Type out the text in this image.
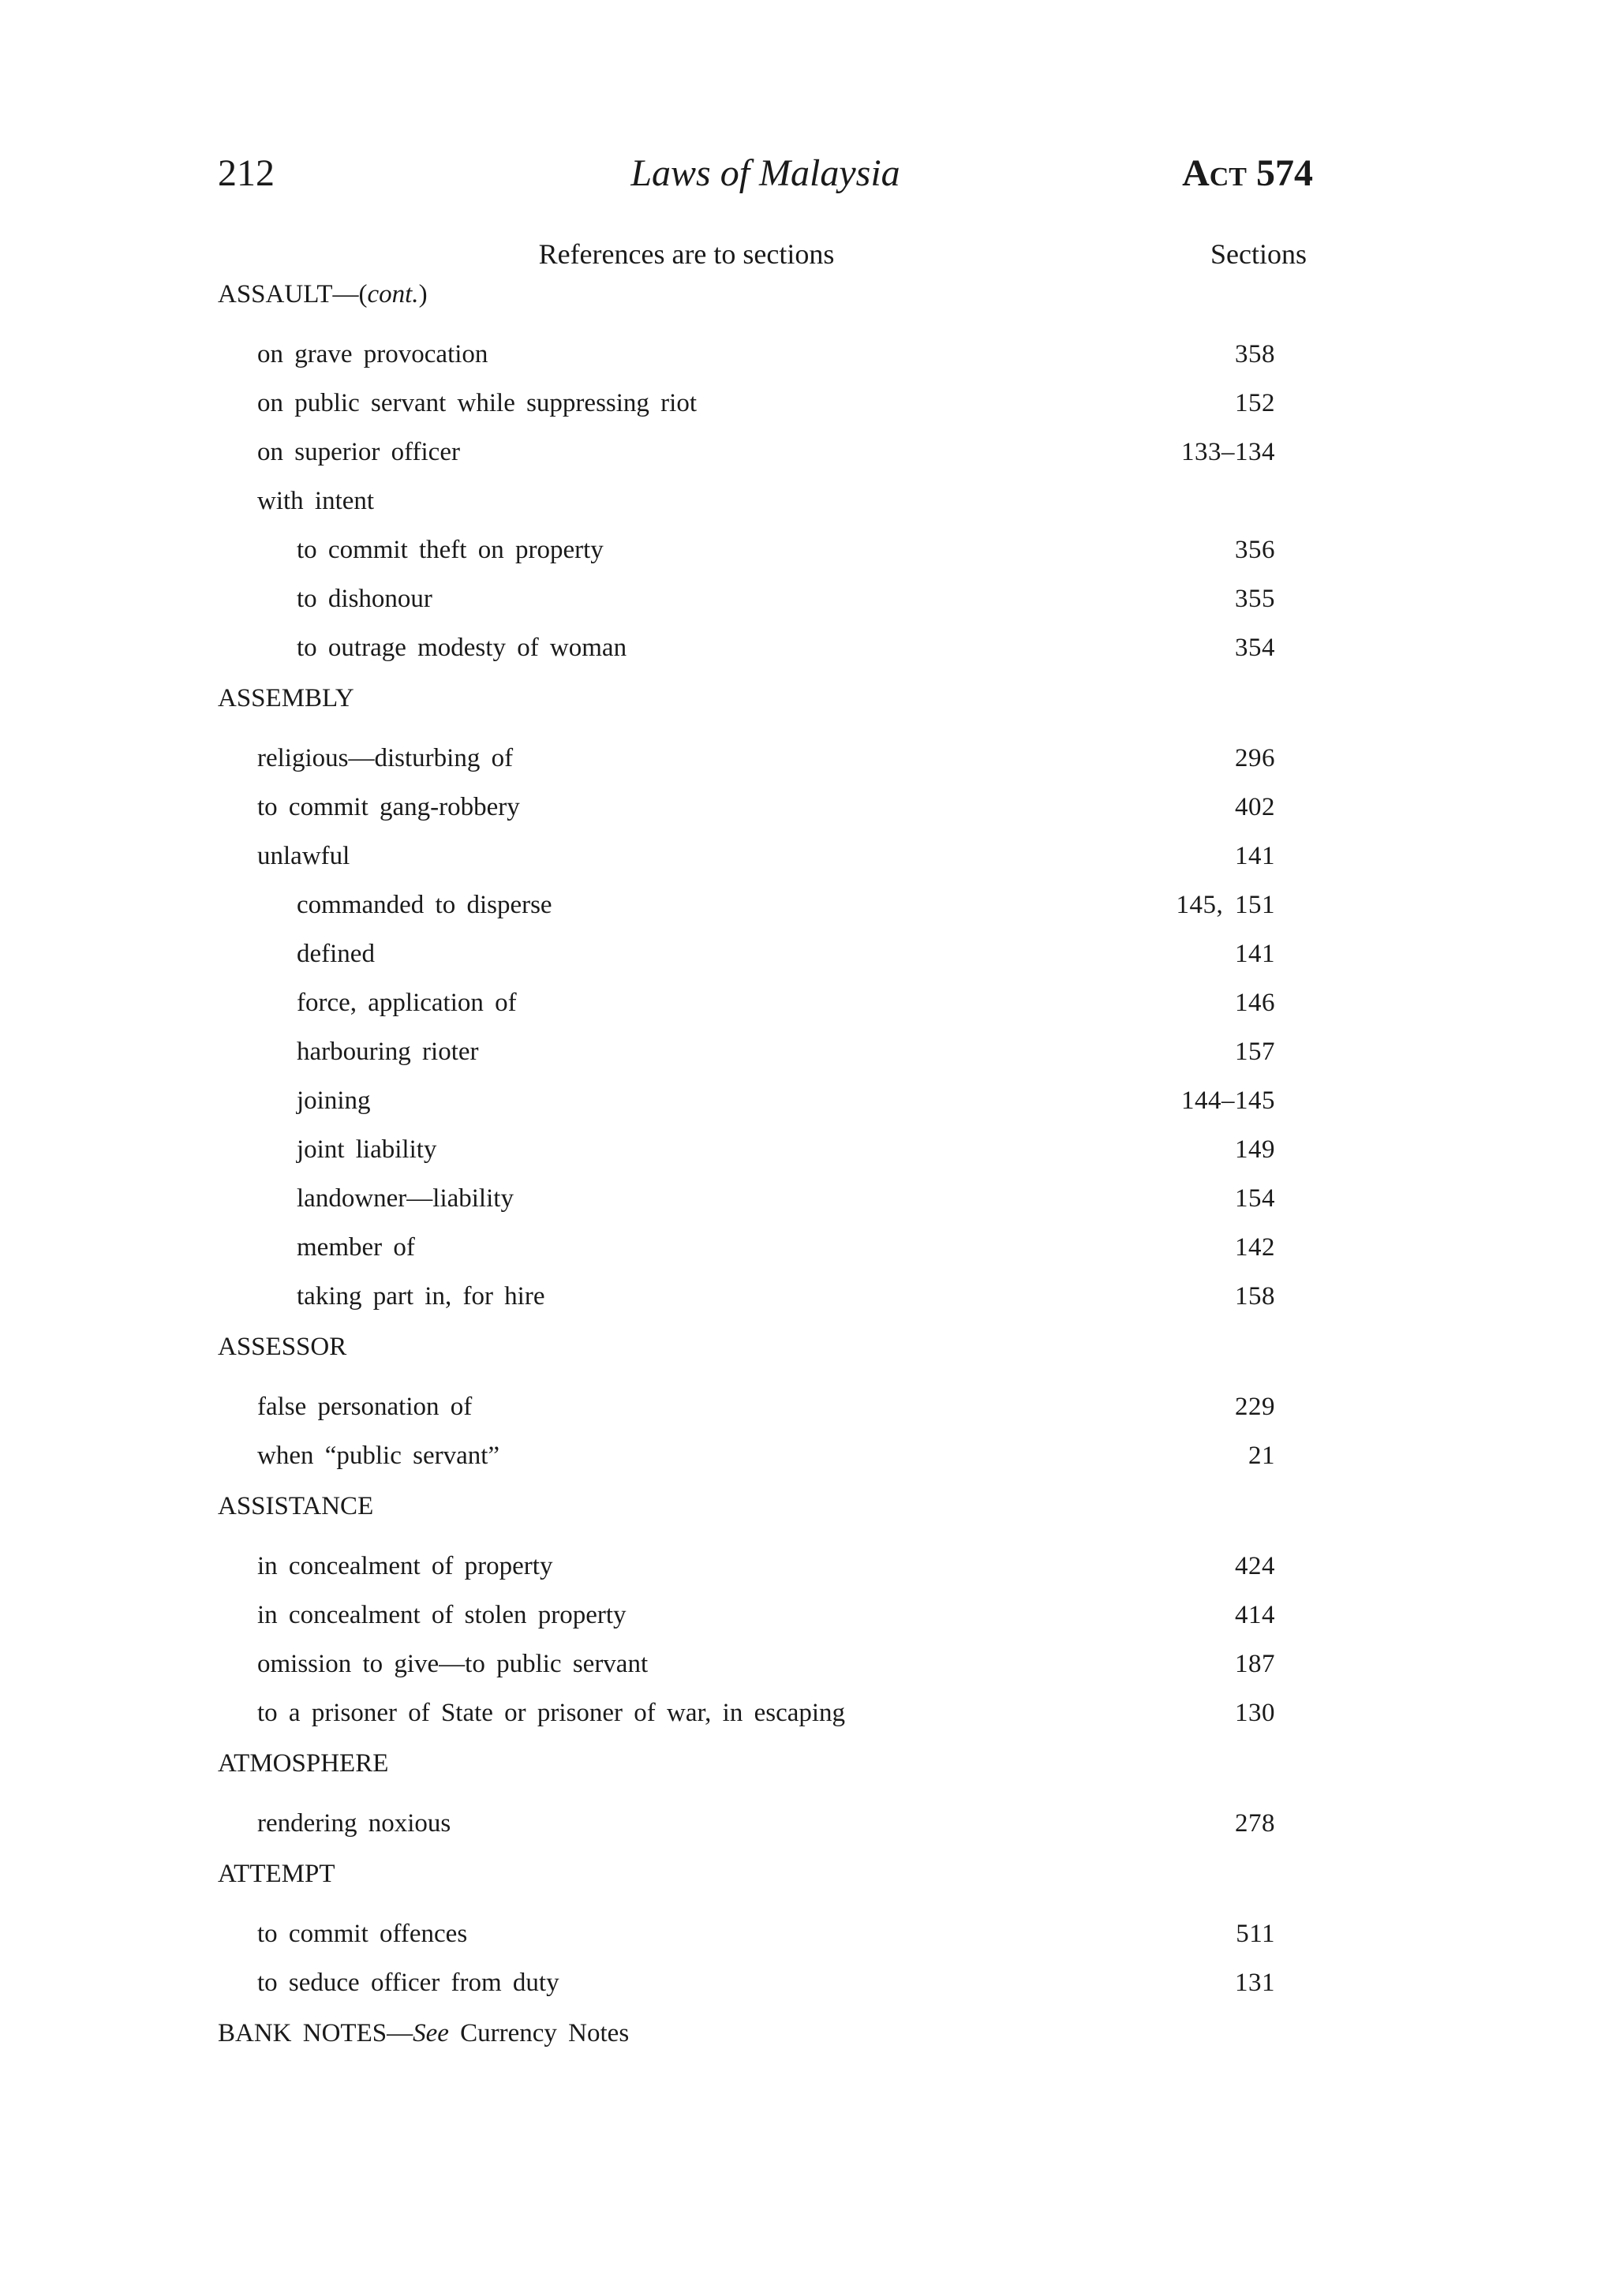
212	Laws of Malaysia	Act 574
References are to sections	Sections
ASSAULT—(cont.)
on grave provocation	358
on public servant while suppressing riot	152
on superior officer	133–134
with intent
to commit theft on property	356
to dishonour	355
to outrage modesty of woman	354
ASSEMBLY
religious—disturbing of	296
to commit gang-robbery	402
unlawful	141
commanded to disperse	145, 151
defined	141
force, application of	146
harbouring rioter	157
joining	144–145
joint liability	149
landowner—liability	154
member of	142
taking part in, for hire	158
ASSESSOR
false personation of	229
when “public servant”	21
ASSISTANCE
in concealment of property	424
in concealment of stolen property	414
omission to give—to public servant	187
to a prisoner of State or prisoner of war, in escaping	130
ATMOSPHERE
rendering noxious	278
ATTEMPT
to commit offences	511
to seduce officer from duty	131
BANK NOTES—See Currency Notes
